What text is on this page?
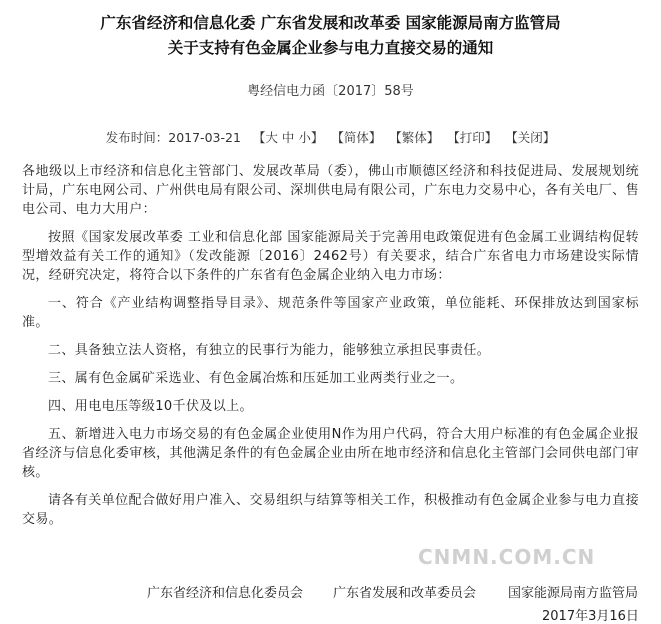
广东省经济和信息化委 广东省发展和改革委 国家能源局南方监管局
关于支持有色金属企业参与电力直接交易的通知
粤经信电力函〔2017〕58号
发布时间：2017-03-21 【大 中 小】 【简体】 【繁体】 【打印】 【关闭】

各地级以上市经济和信息化主管部门、发展改革局（委），佛山市顺德区经济和科技促进局、发展规划统计局，广东电网公司、广州供电局有限公司、深圳供电局有限公司，广东电力交易中心，各有关电厂、售电公司、电力大用户：

按照《国家发展改革委 工业和信息化部 国家能源局关于完善用电政策促进有色金属工业调结构促转型增效益有关工作的通知》（发改能源〔2016〕2462号）有关要求，结合广东省电力市场建设实际情况，经研究决定，将符合以下条件的广东省有色金属企业纳入电力市场：

一、符合《产业结构调整指导目录》、规范条件等国家产业政策，单位能耗、环保排放达到国家标准。

二、具备独立法人资格，有独立的民事行为能力，能够独立承担民事责任。

三、属有色金属矿采选业、有色金属冶炼和压延加工业两类行业之一。

四、用电电压等级10千伏及以上。

五、新增进入电力市场交易的有色金属企业使用N作为用户代码，符合大用户标准的有色金属企业报省经济与信息化委审核，其他满足条件的有色金属企业由所在地市经济和信息化主管部门会同供电部门审核。

请各有关单位配合做好用户准入、交易组织与结算等相关工作，积极推动有色金属企业参与电力直接交易。

CNMN.COM.CN
广东省经济和信息化委员会 广东省发展和改革委员会 国家能源局南方监管局
2017年3月16日
